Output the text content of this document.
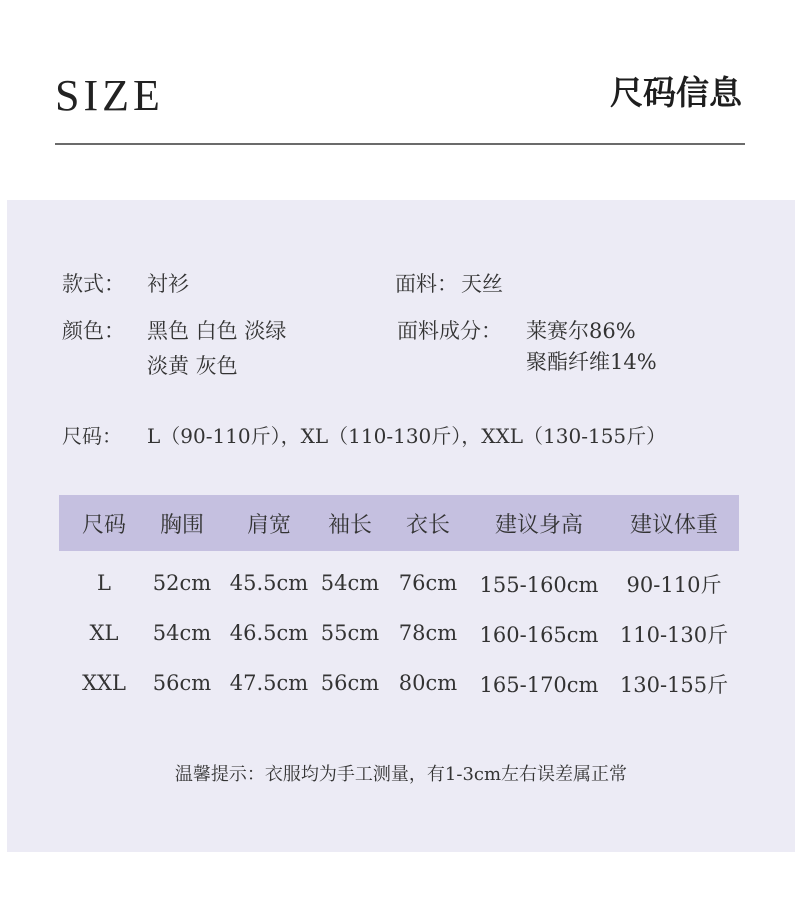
SIZE	尺码信息
款式： 衬衫	面料： 天丝
颜色： 黑色 白色 淡绿
淡黄 灰色
面料成分： 莱赛尔86%
聚酯纤维14%
尺码： L（90-110斤），XL（110-130斤），XXL（130-155斤）
尺码	胸围	肩宽	袖长	衣长	建议身高	建议体重
L	52cm 45.5cm 54cm 76cm	155-160cm	90-110斤
XL	54cm 46.5cm 55cm 78cm	160-165cm	110-130斤
XXL	56cm 47.5cm 56cm 80cm	165-170cm	130-155斤
温馨提示：衣服均为手工测量，有1-3cm左右误差属正常
